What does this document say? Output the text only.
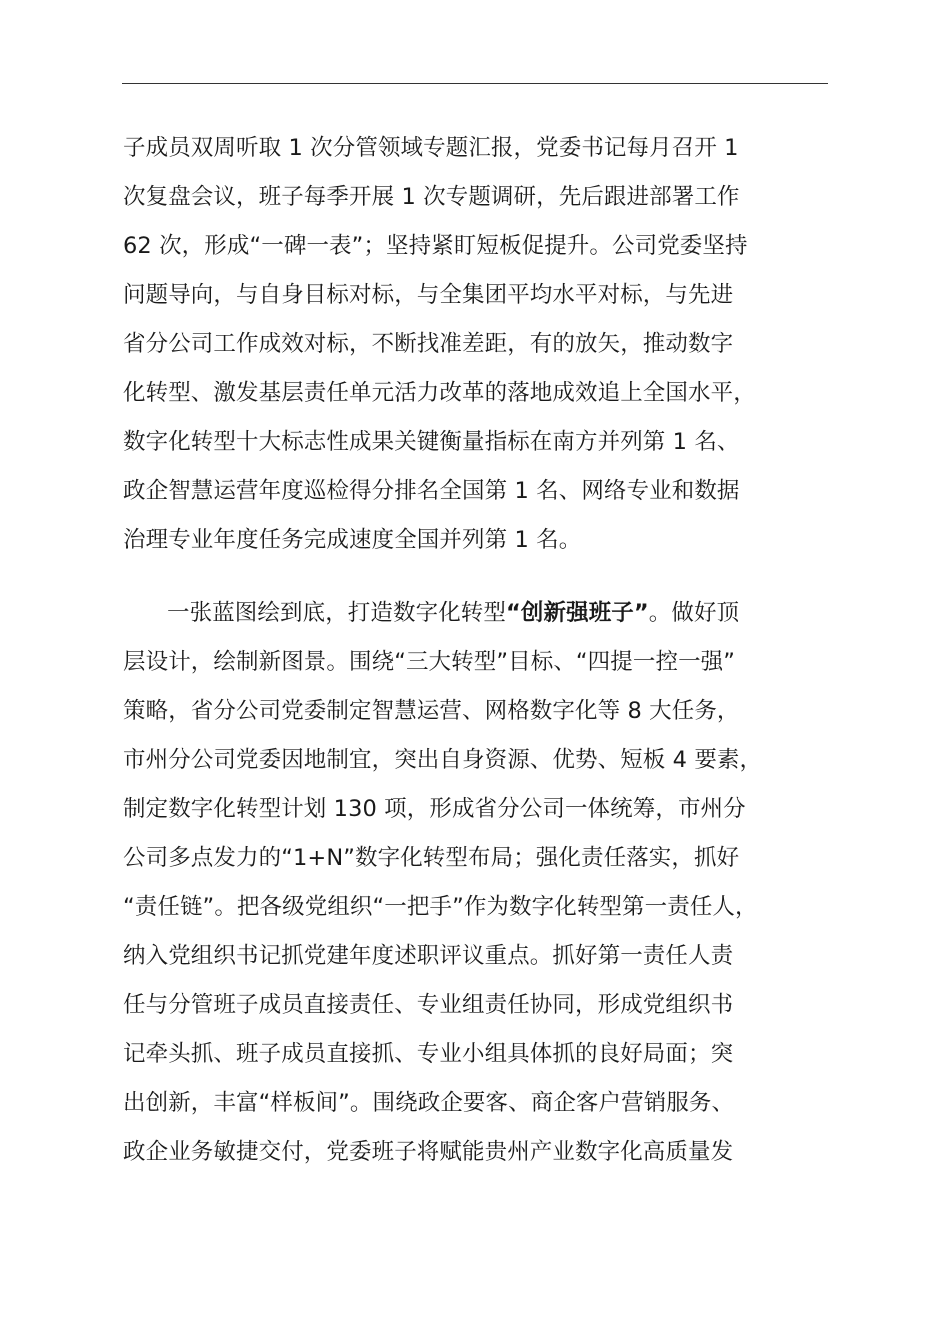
子成员双周听取 1 次分管领域专题汇报，党委书记每月召开 1
次复盘会议，班子每季开展 1 次专题调研，先后跟进部署工作
62 次，形成“一碑一表”；坚持紧盯短板促提升。公司党委坚持
问题导向，与自身目标对标，与全集团平均水平对标，与先进
省分公司工作成效对标，不断找准差距，有的放矢，推动数字
化转型、激发基层责任单元活力改革的落地成效追上全国水平，
数字化转型十大标志性成果关键衡量指标在南方并列第 1 名、
政企智慧运营年度巡检得分排名全国第 1 名、网络专业和数据
治理专业年度任务完成速度全国并列第 1 名。
一张蓝图绘到底，打造数字化转型“创新强班子”。做好顶
层设计，绘制新图景。围绕“三大转型”目标、“四提一控一强”
策略，省分公司党委制定智慧运营、网格数字化等 8 大任务，
市州分公司党委因地制宜，突出自身资源、优势、短板 4 要素，
制定数字化转型计划 130 项，形成省分公司一体统筹，市州分
公司多点发力的“1+N”数字化转型布局；强化责任落实，抓好
“责任链”。把各级党组织“一把手”作为数字化转型第一责任人，
纳入党组织书记抓党建年度述职评议重点。抓好第一责任人责
任与分管班子成员直接责任、专业组责任协同，形成党组织书
记牵头抓、班子成员直接抓、专业小组具体抓的良好局面；突
出创新，丰富“样板间”。围绕政企要客、商企客户营销服务、
政企业务敏捷交付，党委班子将赋能贵州产业数字化高质量发
